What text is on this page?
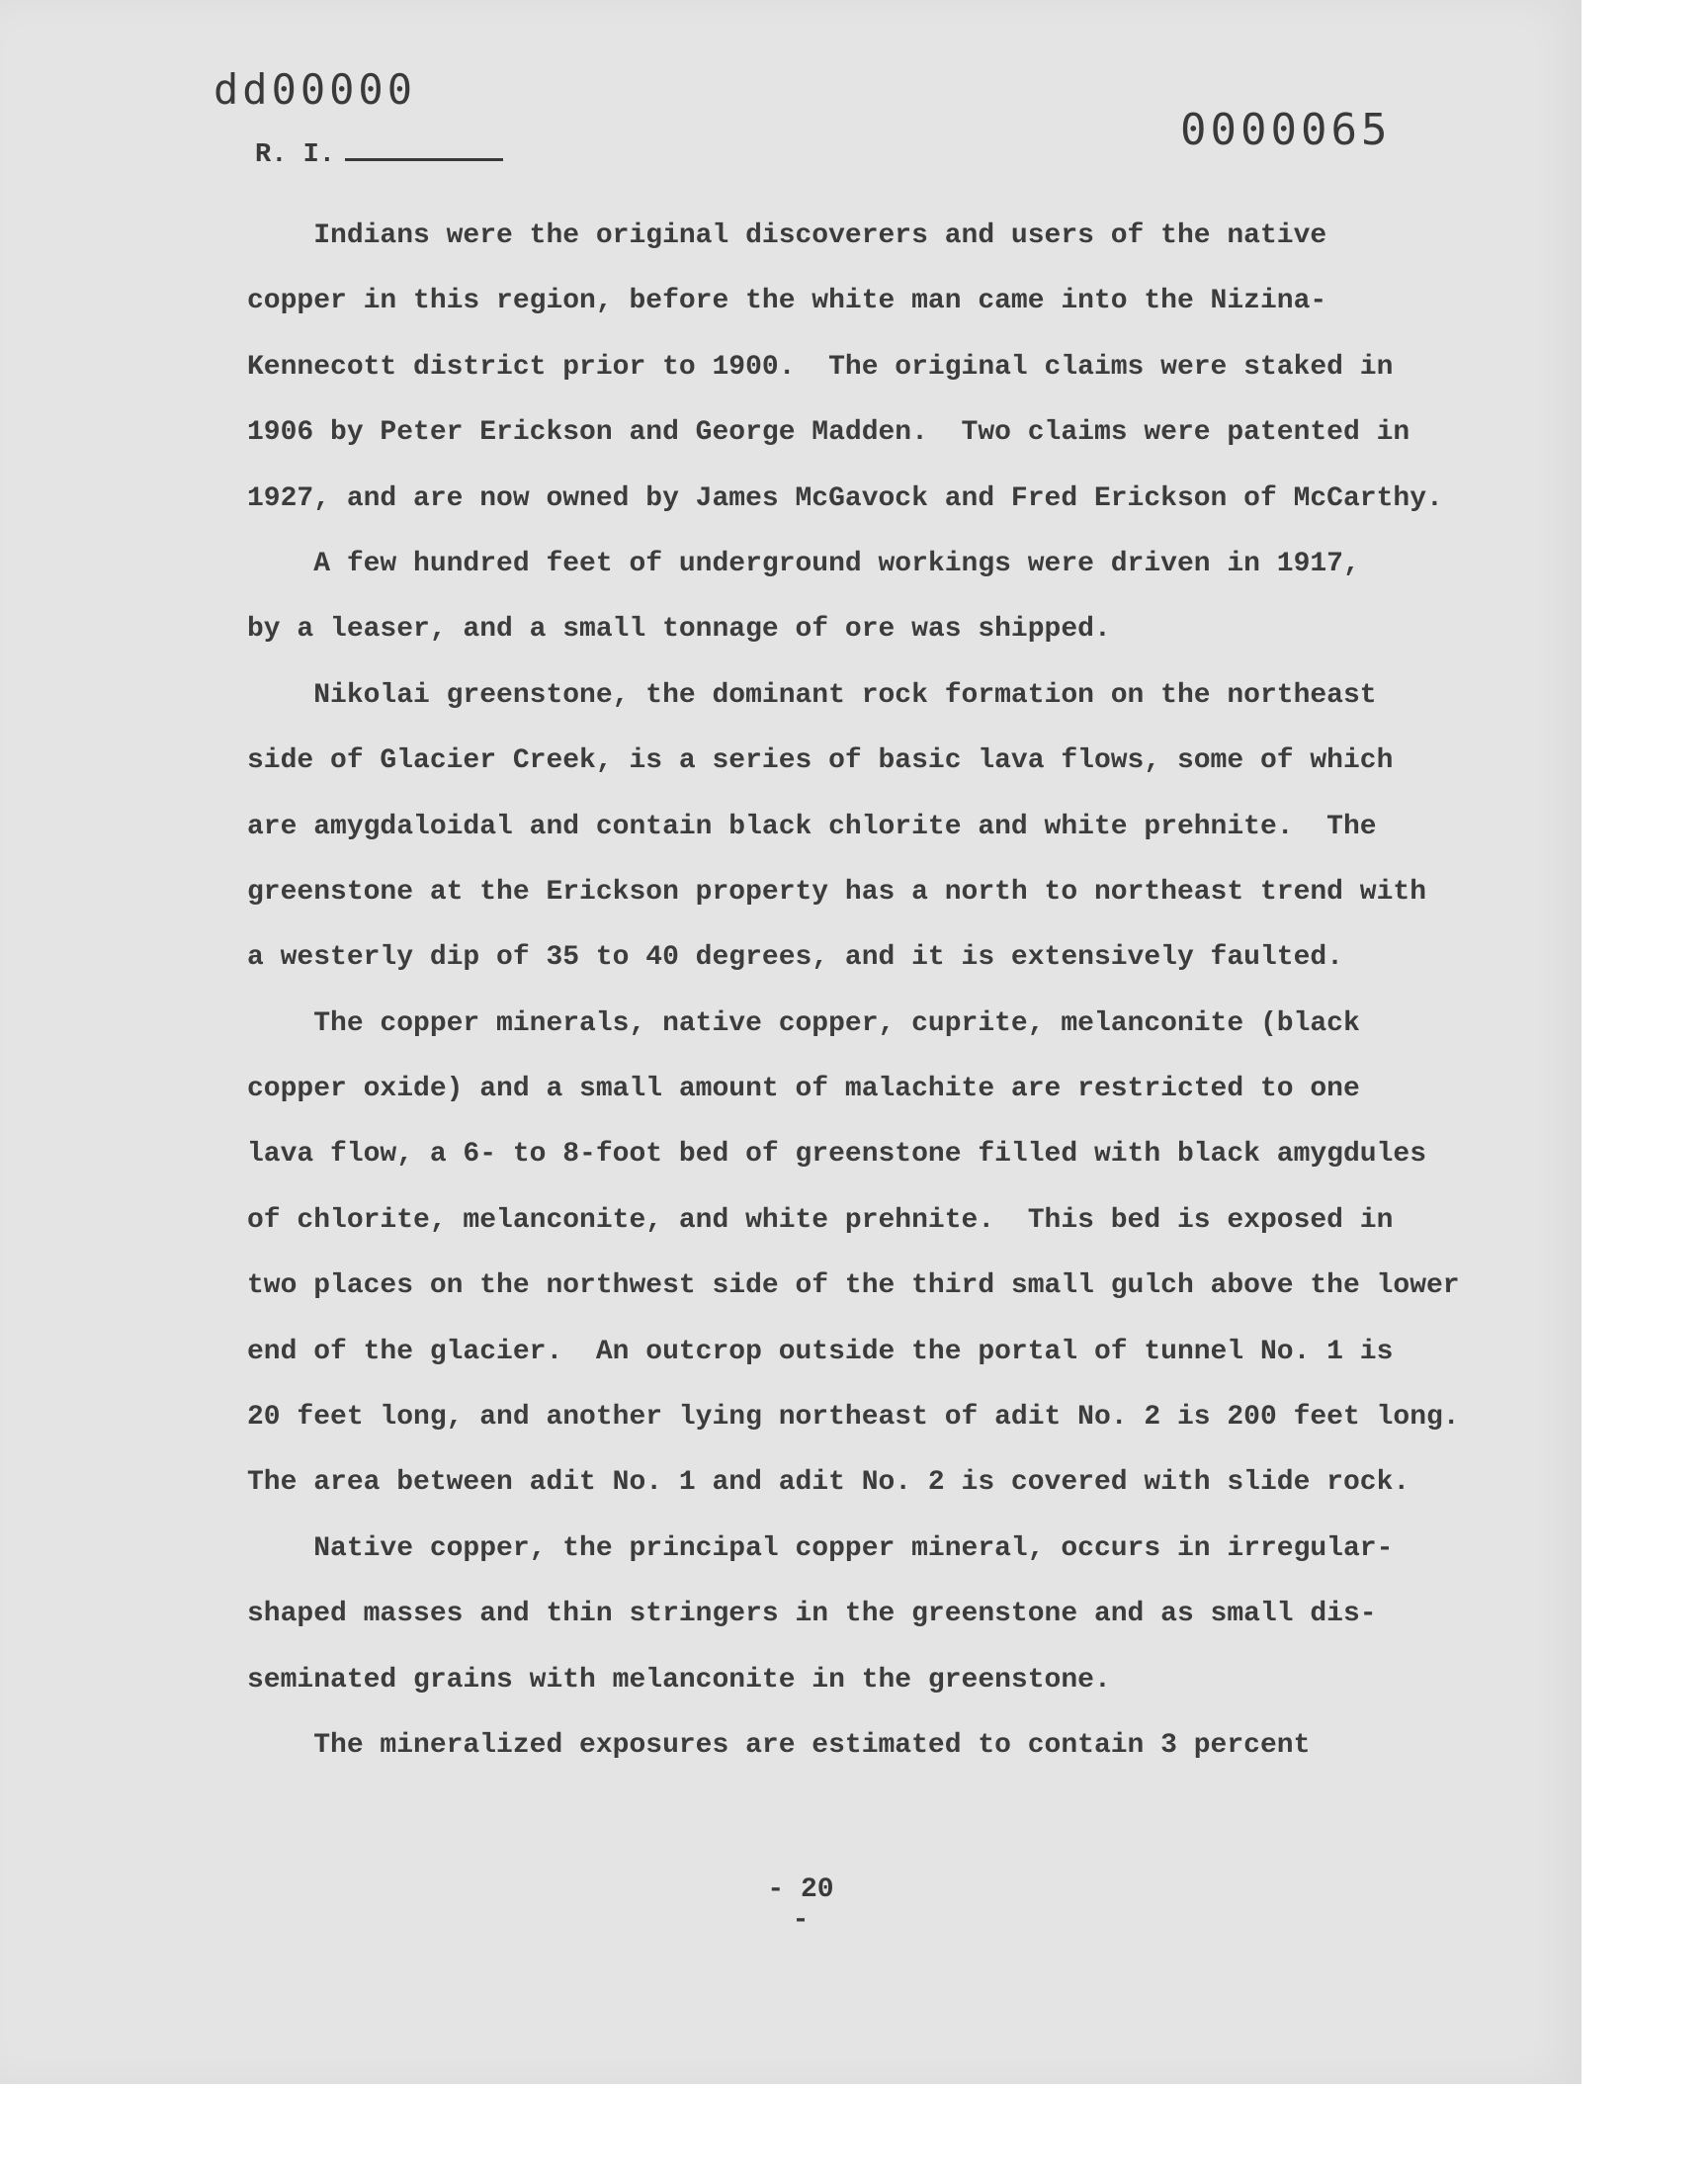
dd00000
0000065
R. I.
Indians were the original discoverers and users of the native
copper in this region, before the white man came into the Nizina-
Kennecott district prior to 1900.  The original claims were staked in
1906 by Peter Erickson and George Madden.  Two claims were patented in
1927, and are now owned by James McGavock and Fred Erickson of McCarthy.
A few hundred feet of underground workings were driven in 1917,
by a leaser, and a small tonnage of ore was shipped.
Nikolai greenstone, the dominant rock formation on the northeast
side of Glacier Creek, is a series of basic lava flows, some of which
are amygdaloidal and contain black chlorite and white prehnite.  The
greenstone at the Erickson property has a north to northeast trend with
a westerly dip of 35 to 40 degrees, and it is extensively faulted.
The copper minerals, native copper, cuprite, melanconite (black
copper oxide) and a small amount of malachite are restricted to one
lava flow, a 6- to 8-foot bed of greenstone filled with black amygdules
of chlorite, melanconite, and white prehnite.  This bed is exposed in
two places on the northwest side of the third small gulch above the lower
end of the glacier.  An outcrop outside the portal of tunnel No. 1 is
20 feet long, and another lying northeast of adit No. 2 is 200 feet long.
The area between adit No. 1 and adit No. 2 is covered with slide rock.
Native copper, the principal copper mineral, occurs in irregular-
shaped masses and thin stringers in the greenstone and as small dis-
seminated grains with melanconite in the greenstone.
The mineralized exposures are estimated to contain 3 percent
- 20 -
